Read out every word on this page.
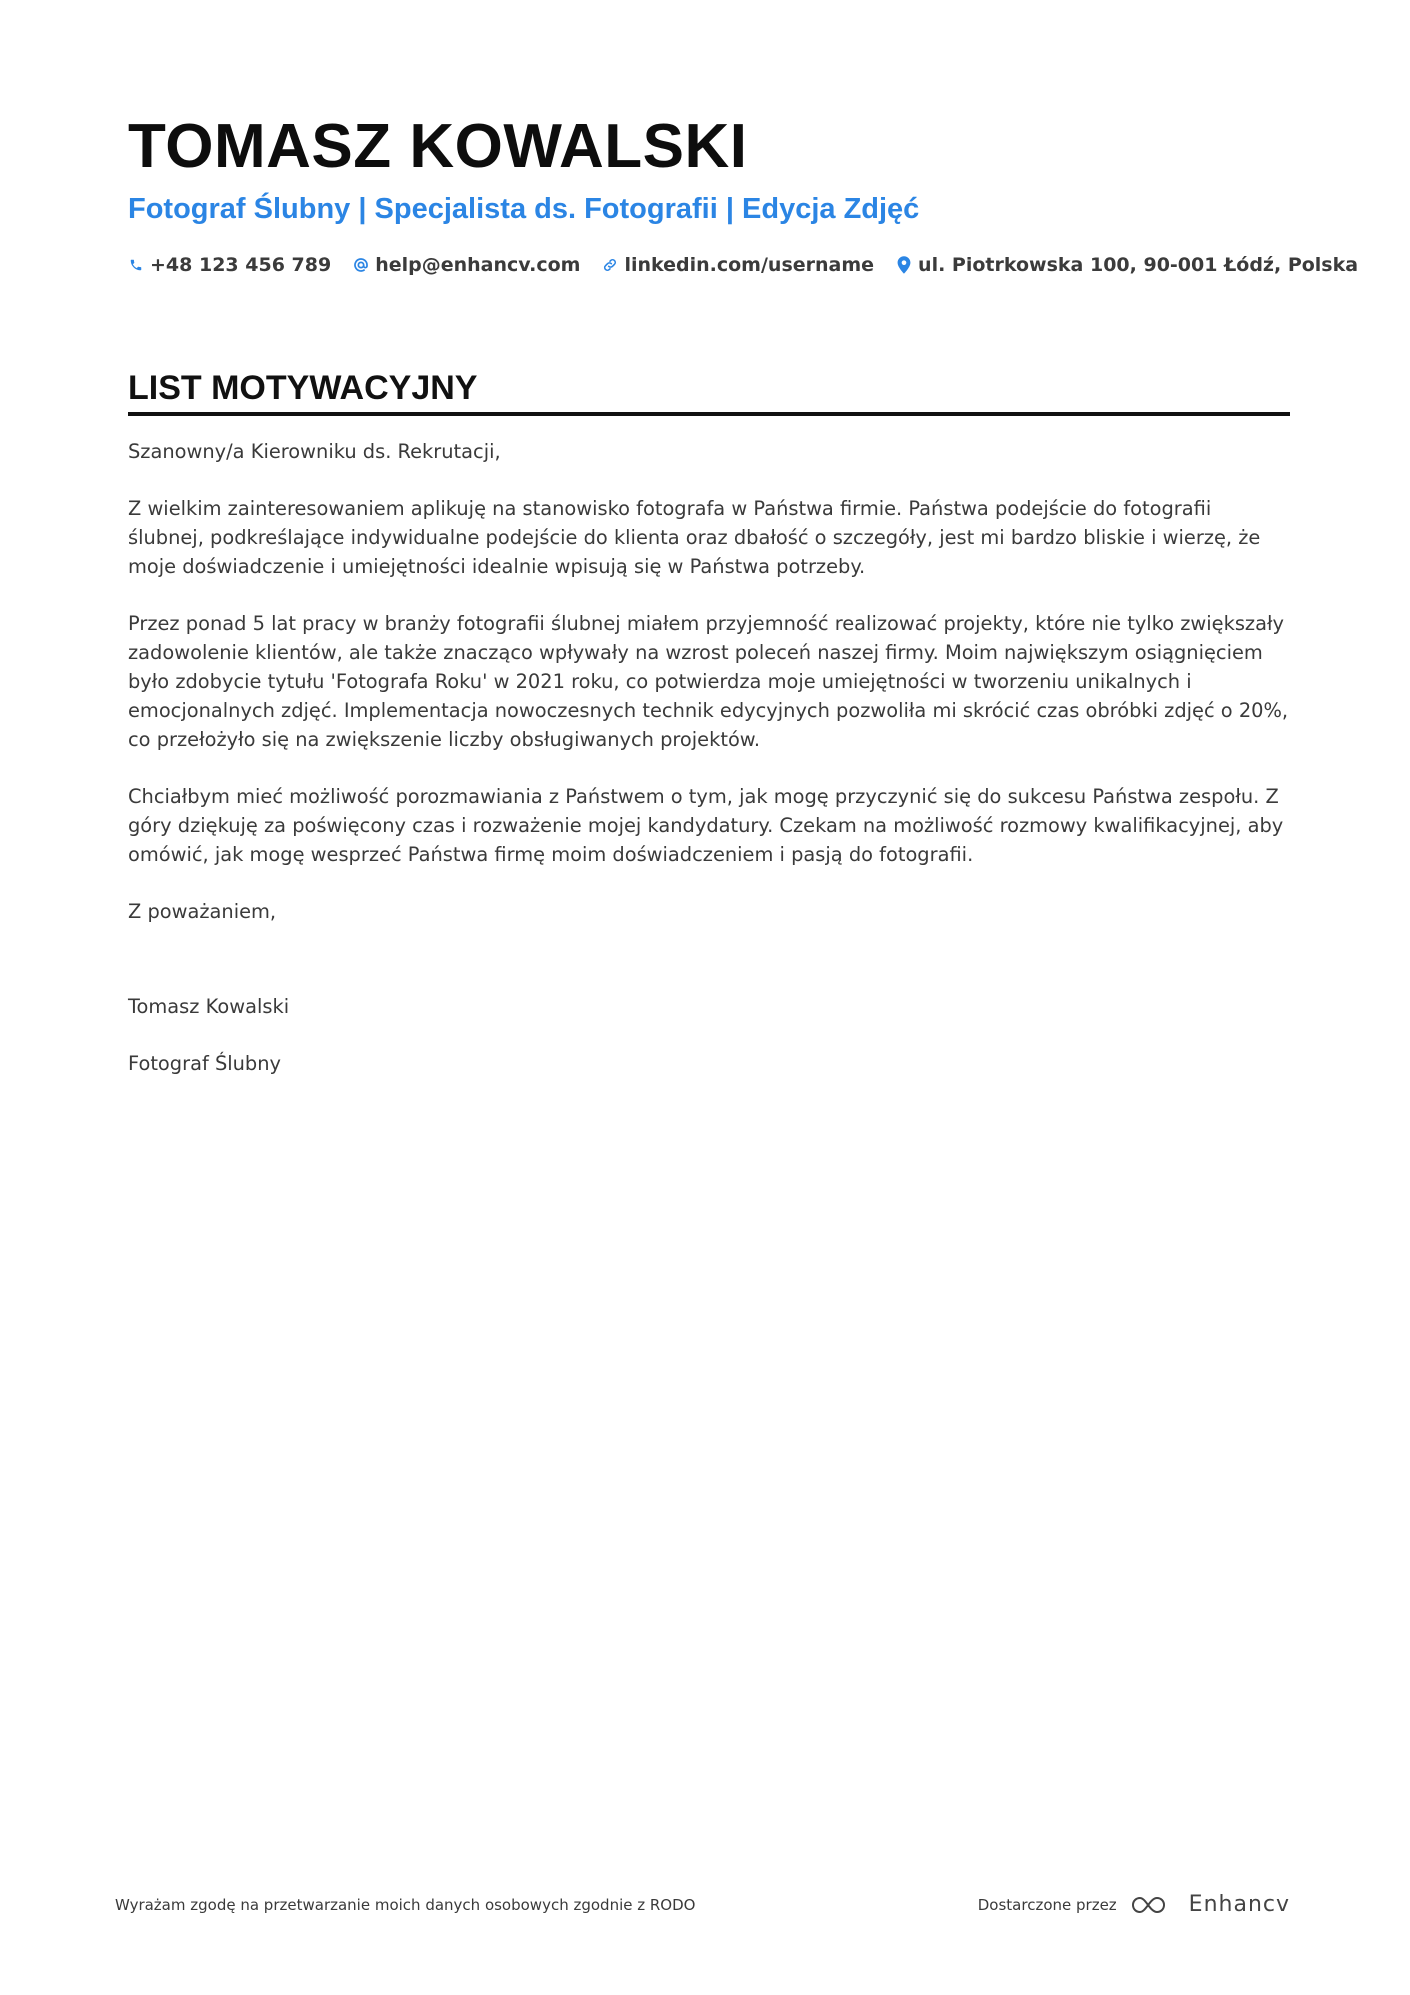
TOMASZ KOWALSKI
Fotograf Ślubny | Specjalista ds. Fotografii | Edycja Zdjęć
+48 123 456 789 help@enhancv.com linkedin.com/username ul. Piotrkowska 100, 90-001 Łódź, Polska
LIST MOTYWACYJNY

Szanowny/a Kierowniku ds. Rekrutacji,

Z wielkim zainteresowaniem aplikuję na stanowisko fotografa w Państwa firmie. Państwa podejście do fotografii ślubnej, podkreślające indywidualne podejście do klienta oraz dbałość o szczegóły, jest mi bardzo bliskie i wierzę, że moje doświadczenie i umiejętności idealnie wpisują się w Państwa potrzeby.

Przez ponad 5 lat pracy w branży fotografii ślubnej miałem przyjemność realizować projekty, które nie tylko zwiększały zadowolenie klientów, ale także znacząco wpływały na wzrost poleceń naszej firmy. Moim największym osiągnięciem było zdobycie tytułu 'Fotografa Roku' w 2021 roku, co potwierdza moje umiejętności w tworzeniu unikalnych i emocjonalnych zdjęć. Implementacja nowoczesnych technik edycyjnych pozwoliła mi skrócić czas obróbki zdjęć o 20%, co przełożyło się na zwiększenie liczby obsługiwanych projektów.

Chciałbym mieć możliwość porozmawiania z Państwem o tym, jak mogę przyczynić się do sukcesu Państwa zespołu. Z góry dziękuję za poświęcony czas i rozważenie mojej kandydatury. Czekam na możliwość rozmowy kwalifikacyjnej, aby omówić, jak mogę wesprzeć Państwa firmę moim doświadczeniem i pasją do fotografii.

Z poważaniem,

Tomasz Kowalski

Fotograf Ślubny

Wyrażam zgodę na przetwarzanie moich danych osobowych zgodnie z RODO	Dostarczone przez	Enhancv
